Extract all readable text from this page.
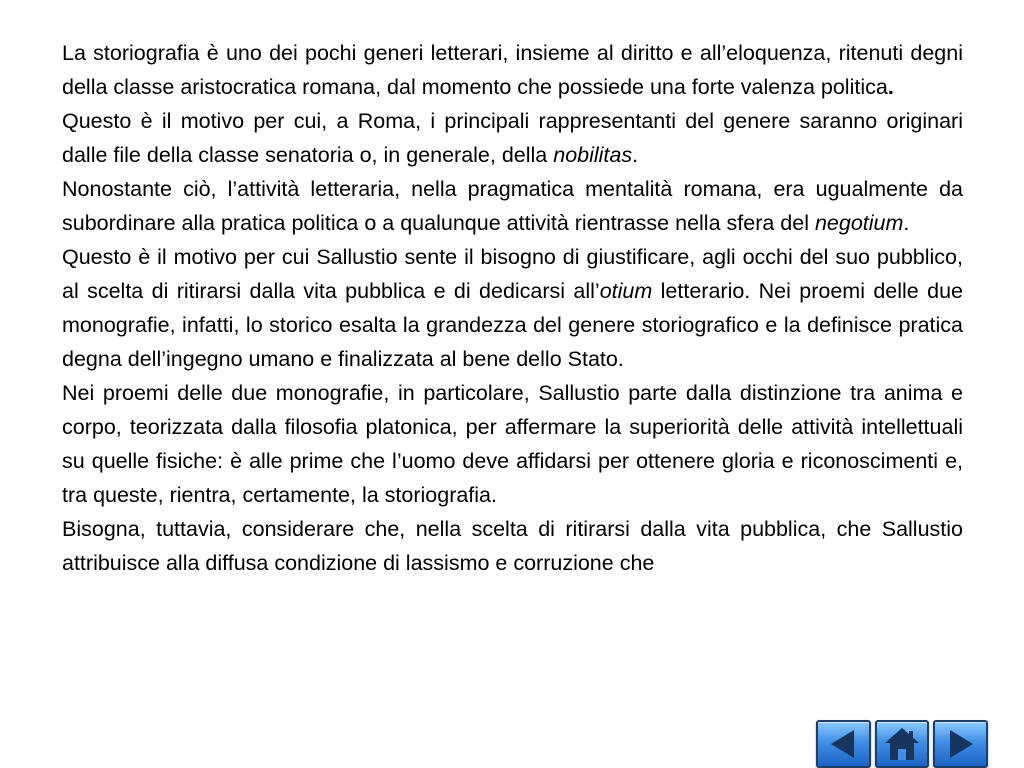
La storiografia è uno dei pochi generi letterari, insieme al diritto e all’eloquenza, ritenuti degni della classe aristocratica romana, dal momento che possiede una forte valenza politica.

Questo è il motivo per cui, a Roma, i principali rappresentanti del genere saranno originari dalle file della classe senatoria o, in generale, della nobilitas.

Nonostante ciò, l’attività letteraria, nella pragmatica mentalità romana, era ugualmente da subordinare alla pratica politica o a qualunque attività rientrasse nella sfera del negotium.

Questo è il motivo per cui Sallustio sente il bisogno di giustificare, agli occhi del suo pubblico, al scelta di ritirarsi dalla vita pubblica e di dedicarsi all’otium letterario. Nei proemi delle due monografie, infatti, lo storico esalta la grandezza del genere storiografico e la definisce pratica degna dell’ingegno umano e finalizzata al bene dello Stato.

Nei proemi delle due monografie, in particolare, Sallustio parte dalla distinzione tra anima e corpo, teorizzata dalla filosofia platonica, per affermare la superiorità delle attività intellettuali su quelle fisiche: è alle prime che l’uomo deve affidarsi per ottenere gloria e riconoscimenti e, tra queste, rientra, certamente, la storiografia.

Bisogna, tuttavia, considerare che, nella scelta di ritirarsi dalla vita pubblica, che Sallustio attribuisce alla diffusa condizione di lassismo e corruzione che
